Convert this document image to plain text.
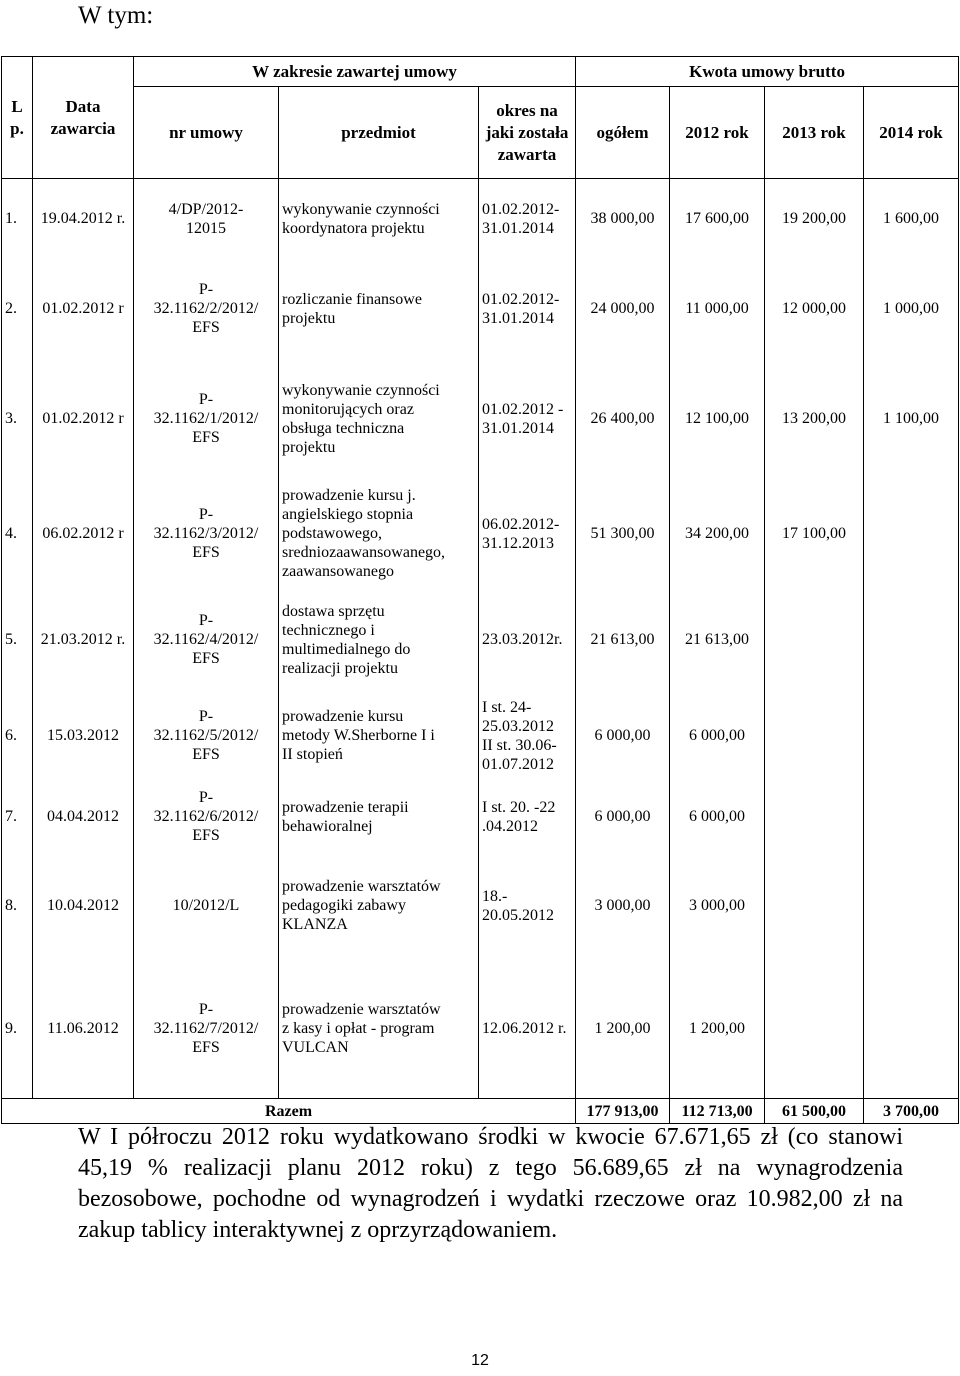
W tym:
L p.	Data zawarcia	W zakresie zawartej umowy			Kwota umowy brutto			
		nr umowy	przedmiot	okres na jaki została zawarta	ogółem	2012 rok	2013 rok	2014 rok
1.	19.04.2012 r.	4/DP/2012-
12015	wykonywanie czynności
koordynatora projektu	01.02.2012-
31.01.2014	38 000,00	17 600,00	19 200,00	1 600,00
2.	01.02.2012 r	P-
32.1162/2/2012/
EFS	rozliczanie finansowe
projektu	01.02.2012-
31.01.2014	24 000,00	11 000,00	12 000,00	1 000,00
3.	01.02.2012 r	P-
32.1162/1/2012/
EFS	wykonywanie czynności
monitorujących oraz
obsługa techniczna
projektu	01.02.2012 -
31.01.2014	26 400,00	12 100,00	13 200,00	1 100,00
4.	06.02.2012 r	P-
32.1162/3/2012/
EFS	prowadzenie kursu j.
angielskiego stopnia
podstawowego,
sredniozaawansowanego,
zaawansowanego	06.02.2012-
31.12.2013	51 300,00	34 200,00	17 100,00	
5.	21.03.2012 r.	P-
32.1162/4/2012/
EFS	dostawa sprzętu
technicznego i
multimedialnego do
realizacji projektu	23.03.2012r.	21 613,00	21 613,00		
6.	15.03.2012	P-
32.1162/5/2012/
EFS	prowadzenie kursu
metody W.Sherborne I i
II stopień	I st. 24-
25.03.2012
II st. 30.06-
01.07.2012	6 000,00	6 000,00		
7.	04.04.2012	P-
32.1162/6/2012/
EFS	prowadzenie terapii
behawioralnej	I st. 20. -22
.04.2012	6 000,00	6 000,00		
8.	10.04.2012	10/2012/L	prowadzenie warsztatów
pedagogiki zabawy
KLANZA	18.-
20.05.2012	3 000,00	3 000,00		
9.	11.06.2012	P-
32.1162/7/2012/
EFS	prowadzenie warsztatów
z kasy i opłat - program
VULCAN	12.06.2012 r.	1 200,00	1 200,00		
Razem					177 913,00	112 713,00	61 500,00	3 700,00

W I półroczu 2012 roku wydatkowano środki w kwocie 67.671,65 zł (co stanowi 45,19 % realizacji planu 2012 roku) z tego 56.689,65 zł na wynagrodzenia bezosobowe, pochodne od wynagrodzeń i wydatki rzeczowe oraz 10.982,00 zł na zakup tablicy interaktywnej z oprzyrządowaniem.

12
